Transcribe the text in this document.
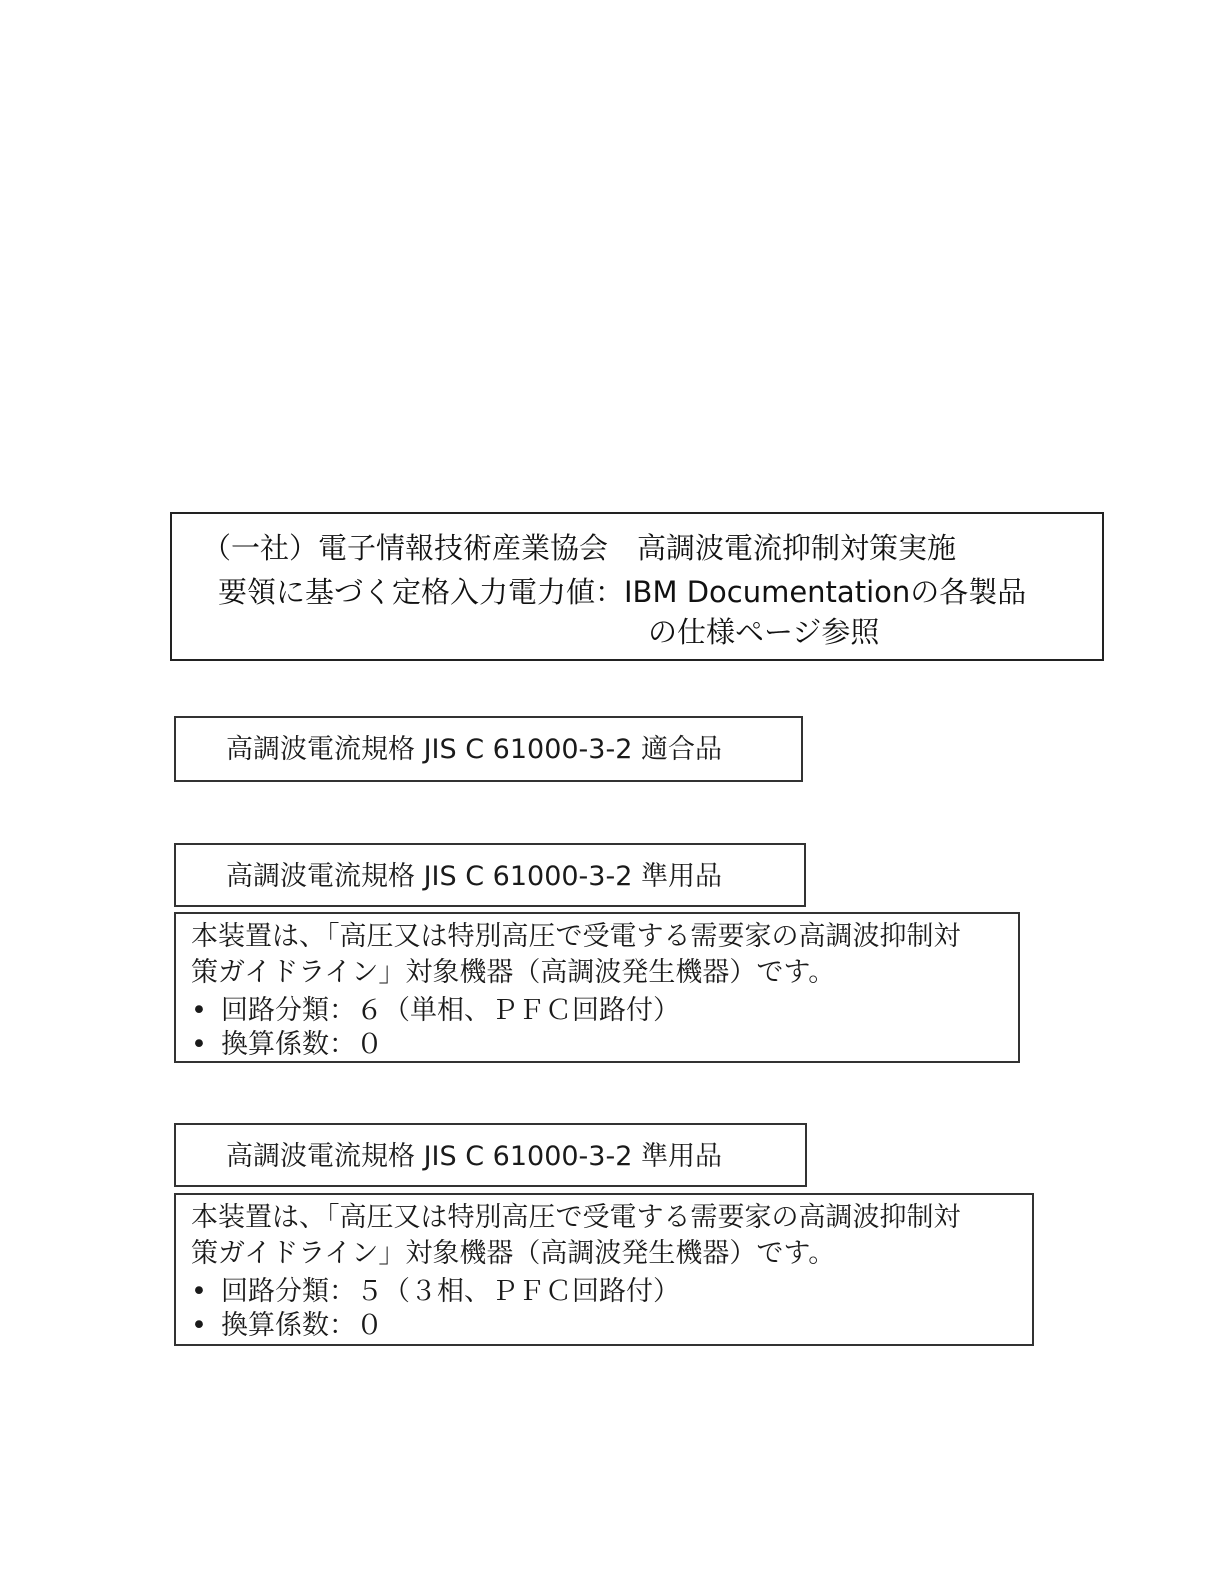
（一社）電子情報技術産業協会　高調波電流抑制対策実施
要領に基づく定格入力電力値：IBM Documentationの各製品
の仕様ページ参照
高調波電流規格 JIS C 61000-3-2 適合品
高調波電流規格 JIS C 61000-3-2 準用品
本装置は、「高圧又は特別高圧で受電する需要家の高調波抑制対
策ガイドライン」対象機器（高調波発生機器）です。
• 回路分類：６（単相、ＰＦＣ回路付）
• 換算係数：０
高調波電流規格 JIS C 61000-3-2 準用品
本装置は、「高圧又は特別高圧で受電する需要家の高調波抑制対
策ガイドライン」対象機器（高調波発生機器）です。
• 回路分類：５（３相、ＰＦＣ回路付）
• 換算係数：０
